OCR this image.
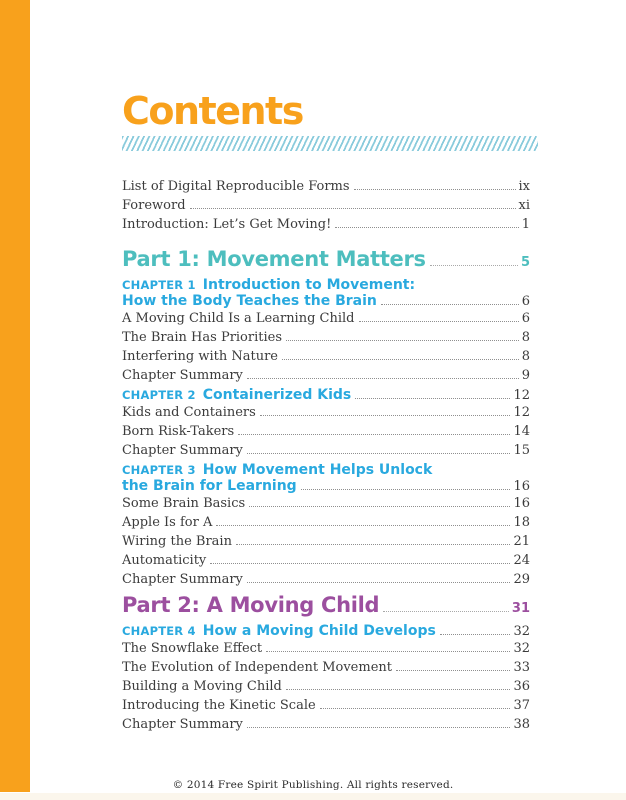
Contents
List of Digital Reproducible Forms	ix
Foreword	xi
Introduction: Let’s Get Moving!	1
Part 1: Movement Matters	5
CHAPTER 1 Introduction to Movement:
How the Body Teaches the Brain	6
A Moving Child Is a Learning Child	6
The Brain Has Priorities	8
Interfering with Nature	8
Chapter Summary	9
CHAPTER 2 Containerized Kids	12
Kids and Containers	12
Born Risk-Takers	14
Chapter Summary	15
CHAPTER 3 How Movement Helps Unlock
the Brain for Learning	16
Some Brain Basics	16
Apple Is for A	18
Wiring the Brain	21
Automaticity	24
Chapter Summary	29
Part 2: A Moving Child	31
CHAPTER 4 How a Moving Child Develops	32
The Snowflake Effect	32
The Evolution of Independent Movement	33
Building a Moving Child	36
Introducing the Kinetic Scale	37
Chapter Summary	38
© 2014 Free Spirit Publishing. All rights reserved.
